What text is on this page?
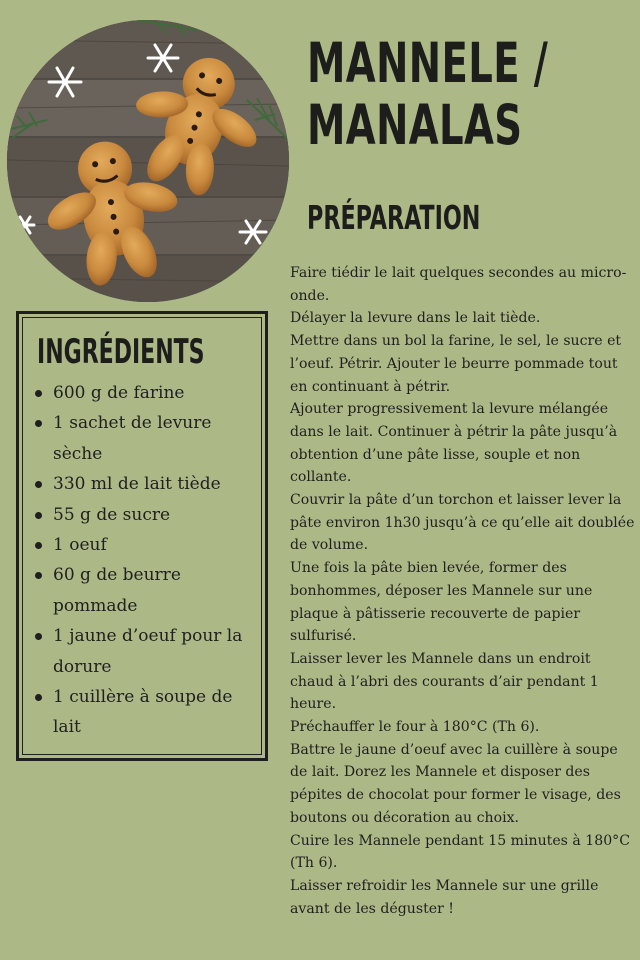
MANNELE /
MANALAS
PRÉPARATION
INGRÉDIENTS
600 g de farine
1 sachet de levure sèche
330 ml de lait tiède
55 g de sucre
1 oeuf
60 g de beurre pommade
1 jaune d’oeuf pour la dorure
1 cuillère à soupe de lait

Faire tiédir le lait quelques secondes au micro-onde.

Délayer la levure dans le lait tiède.

Mettre dans un bol la farine, le sel, le sucre et l’oeuf. Pétrir. Ajouter le beurre pommade tout en continuant à pétrir.

Ajouter progressivement la levure mélangée dans le lait. Continuer à pétrir la pâte jusqu’à obtention d’une pâte lisse, souple et non collante.

Couvrir la pâte d’un torchon et laisser lever la pâte environ 1h30 jusqu’à ce qu’elle ait doublée de volume.

Une fois la pâte bien levée, former des bonhommes, déposer les Mannele sur une plaque à pâtisserie recouverte de papier sulfurisé.

Laisser lever les Mannele dans un endroit chaud à l’abri des courants d’air pendant 1 heure.

Préchauffer le four à 180°C (Th 6).

Battre le jaune d’oeuf avec la cuillère à soupe de lait. Dorez les Mannele et disposer des pépites de chocolat pour former le visage, des boutons ou décoration au choix.

Cuire les Mannele pendant 15 minutes à 180°C (Th 6).

Laisser refroidir les Mannele sur une grille avant de les déguster !
